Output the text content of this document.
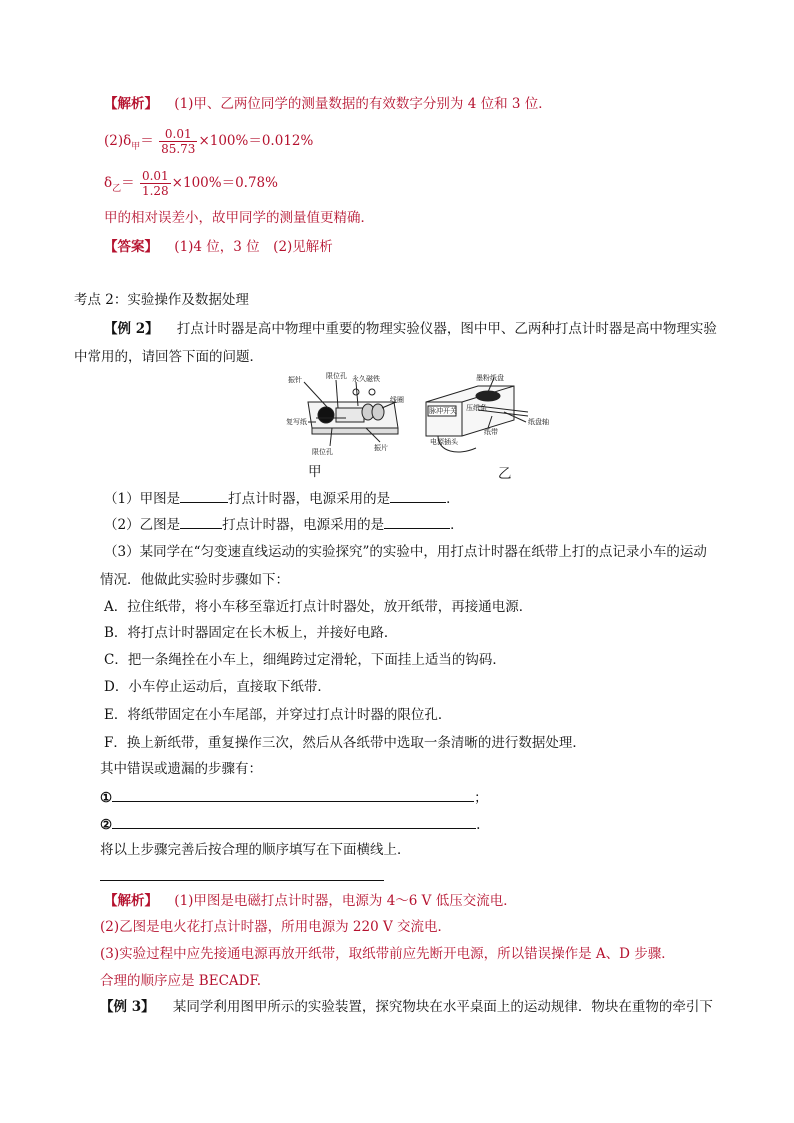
【解析】 (1)甲、乙两位同学的测量数据的有效数字分别为 4 位和 3 位．
$(2)\delta_甲= \frac{0.01}{85.73} \times 100\%=0.012\%$
$\delta_乙= \frac{0.01}{1.28} \times 100\%=0.78\%$
甲的相对误差小，故甲同学的测量值更精确．
【答案】 (1)4 位，3 位　(2)见解析
考点 2：实验操作及数据处理
【例 2】 打点计时器是高中物理中重要的物理实验仪器，图中甲、乙两种打点计时器是高中物理实验
中常用的，请回答下面的问题．
振针	限位孔 永久磁铁
线圈
复写纸
限位孔	振片
墨粉纸盘
脉冲开关 压纸条
纸盘轴
纸带
电源插头
甲	乙
（1）甲图是	打点计时器，电源采用的是	．
（2）乙图是	打点计时器，电源采用的是	．
（3）某同学在“匀变速直线运动的实验探究”的实验中，用打点计时器在纸带上打的点记录小车的运动
情况．他做此实验时步骤如下：
A．拉住纸带，将小车移至靠近打点计时器处，放开纸带，再接通电源．
B．将打点计时器固定在长木板上，并接好电路．
C．把一条绳拴在小车上，细绳跨过定滑轮，下面挂上适当的钩码．
D．小车停止运动后，直接取下纸带．
E．将纸带固定在小车尾部，并穿过打点计时器的限位孔．
F．换上新纸带，重复操作三次，然后从各纸带中选取一条清晰的进行数据处理．
其中错误或遗漏的步骤有：
①	；
②	.
将以上步骤完善后按合理的顺序填写在下面横线上．
【解析】 (1)甲图是电磁打点计时器，电源为 4～6 V 低压交流电．
(2)乙图是电火花打点计时器，所用电源为 220 V 交流电．
(3)实验过程中应先接通电源再放开纸带，取纸带前应先断开电源，所以错误操作是 A、D 步骤．
合理的顺序应是 BECADF.
【例 3】 某同学利用图甲所示的实验装置，探究物块在水平桌面上的运动规律．物块在重物的牵引下
